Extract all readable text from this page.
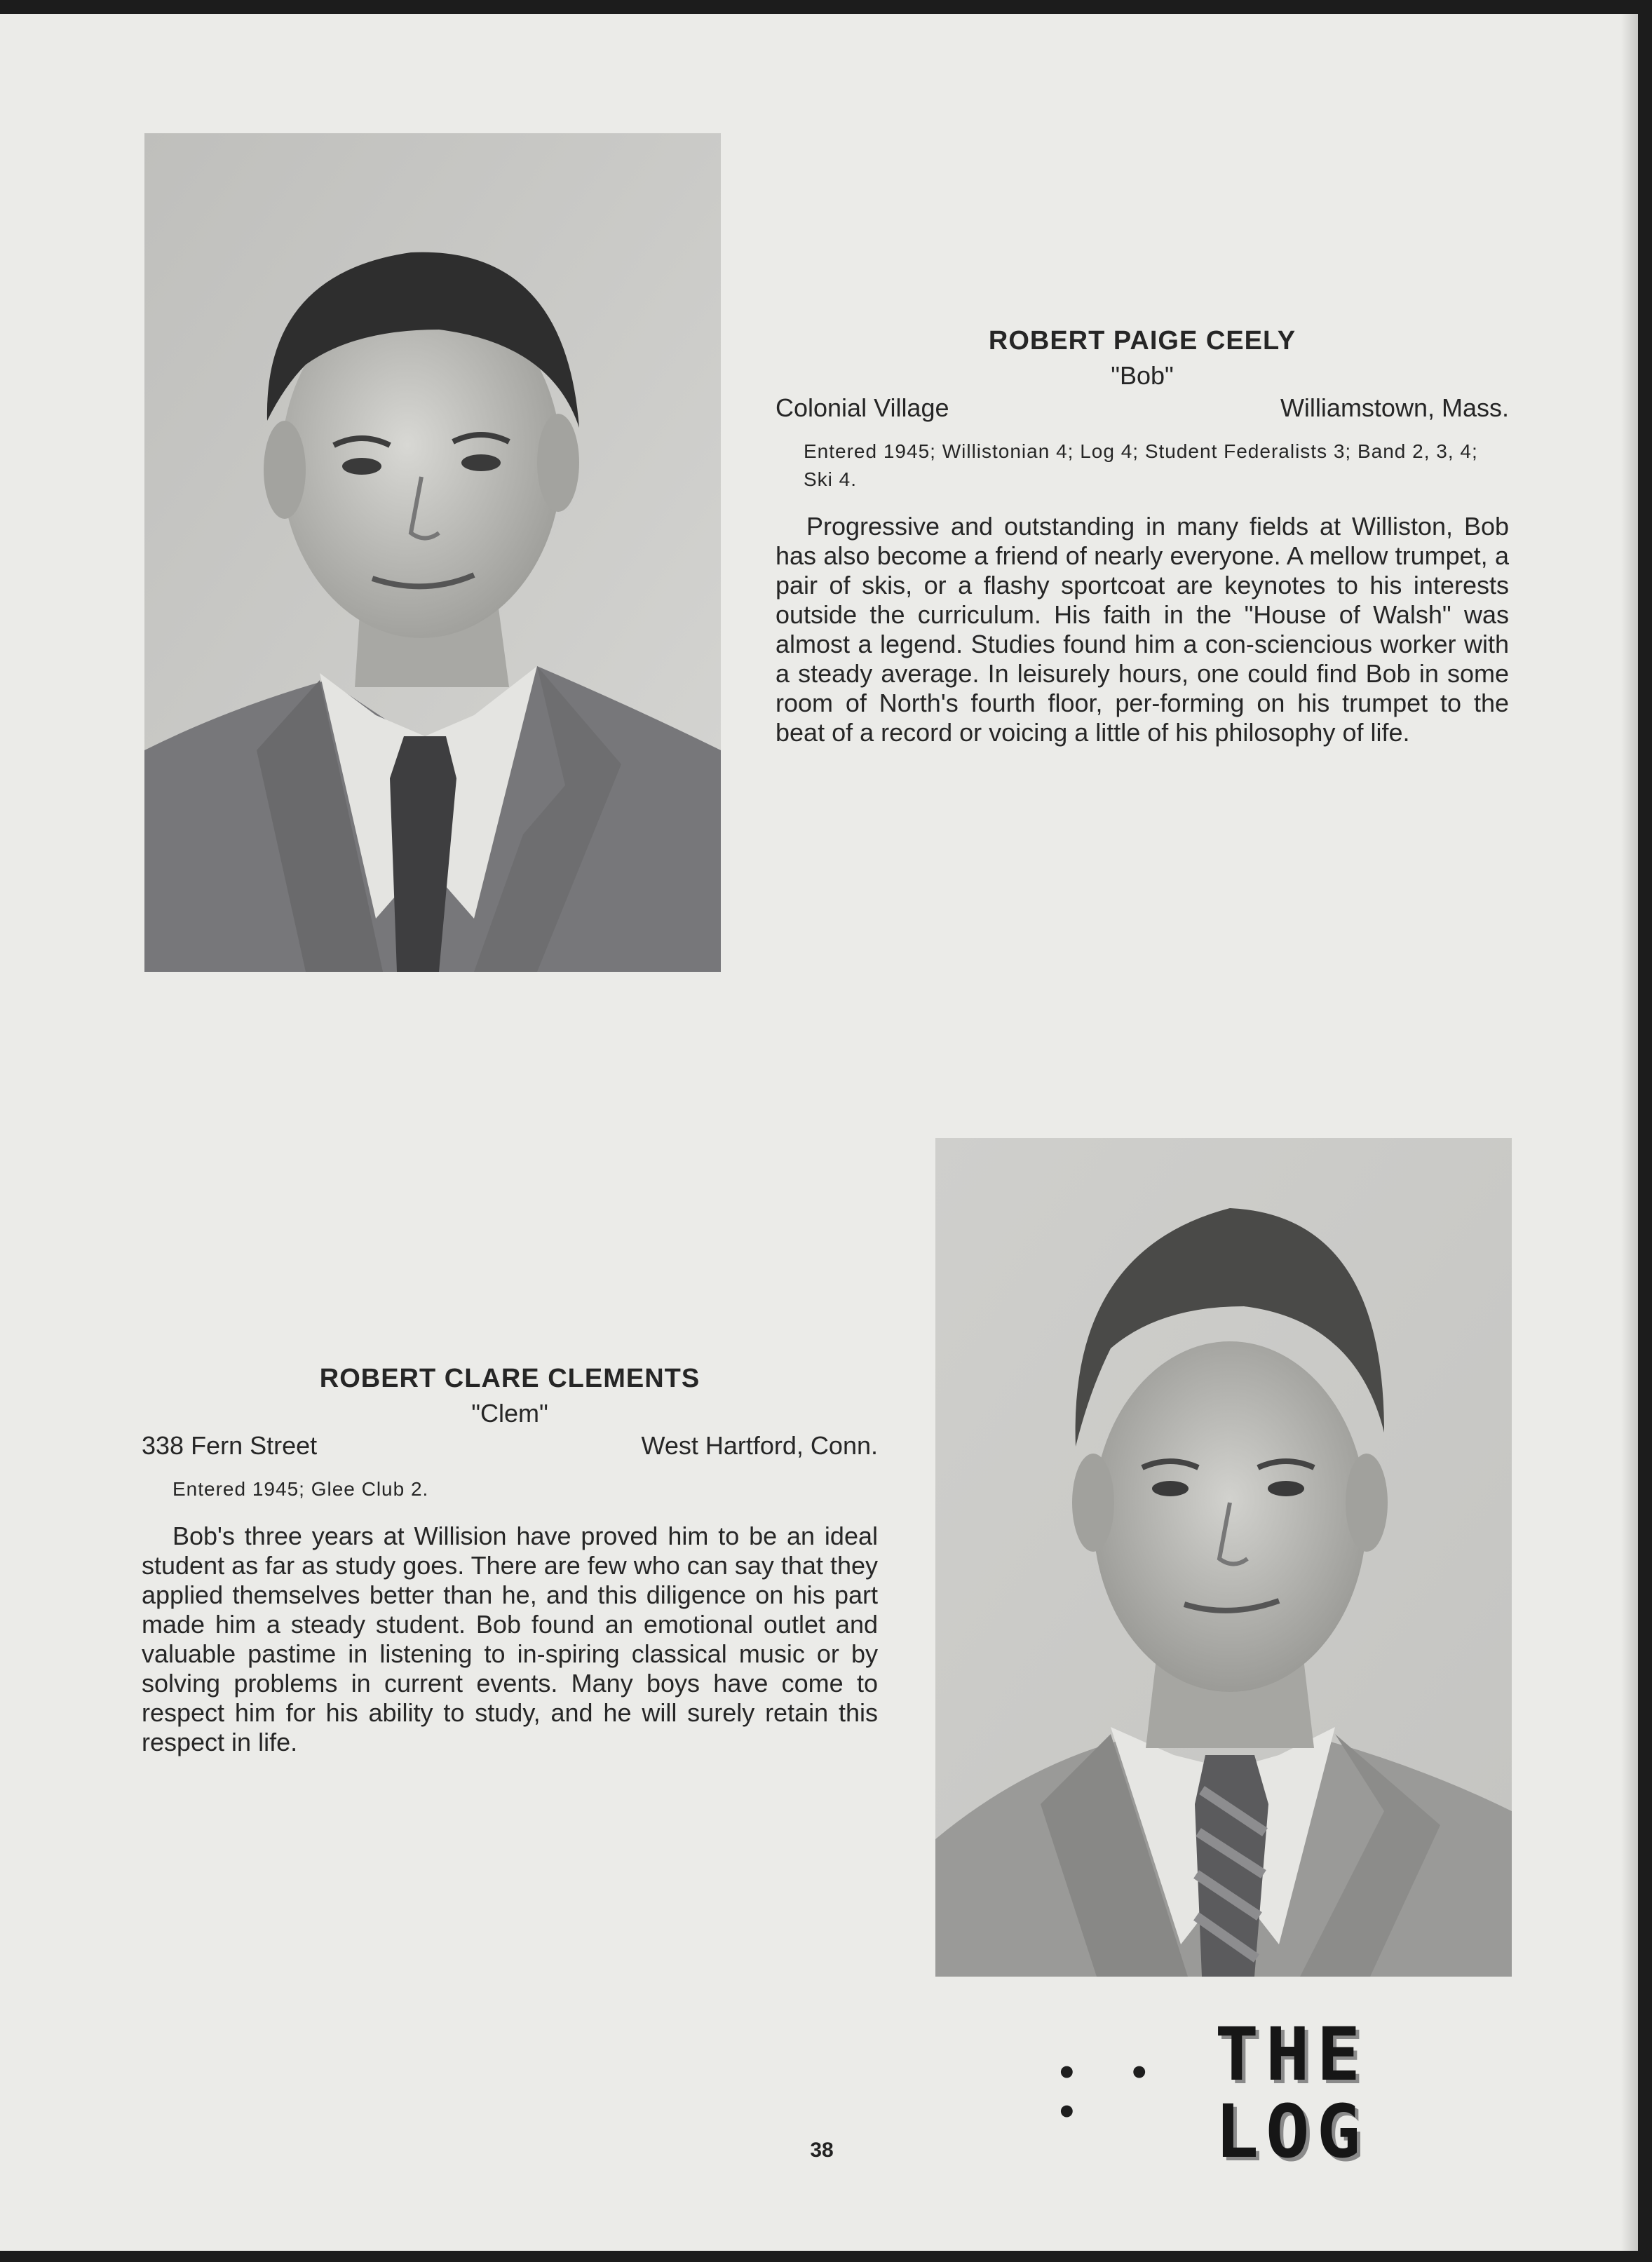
ROBERT PAIGE CEELY

"Bob"

Colonial Village	Williamstown, Mass.

Entered 1945; Willistonian 4; Log 4; Student Federalists 3; Band 2, 3, 4; Ski 4.

Progressive and outstanding in many fields at Williston, Bob has also become a friend of nearly everyone. A mellow trumpet, a pair of skis, or a flashy sportcoat are keynotes to his interests outside the curriculum. His faith in the "House of Walsh" was almost a legend. Studies found him a con-sciencious worker with a steady average. In leisurely hours, one could find Bob in some room of North's fourth floor, per-forming on his trumpet to the beat of a record or voicing a little of his philosophy of life.

ROBERT CLARE CLEMENTS

"Clem"

338 Fern Street	West Hartford, Conn.

Entered 1945; Glee Club 2.

Bob's three years at Willision have proved him to be an ideal student as far as study goes. There are few who can say that they applied themselves better than he, and this diligence on his part made him a steady student. Bob found an emotional outlet and valuable pastime in listening to in-spiring classical music or by solving problems in current events. Many boys have come to respect him for his ability to study, and he will surely retain this respect in life.

• • •
THE LOG
38
